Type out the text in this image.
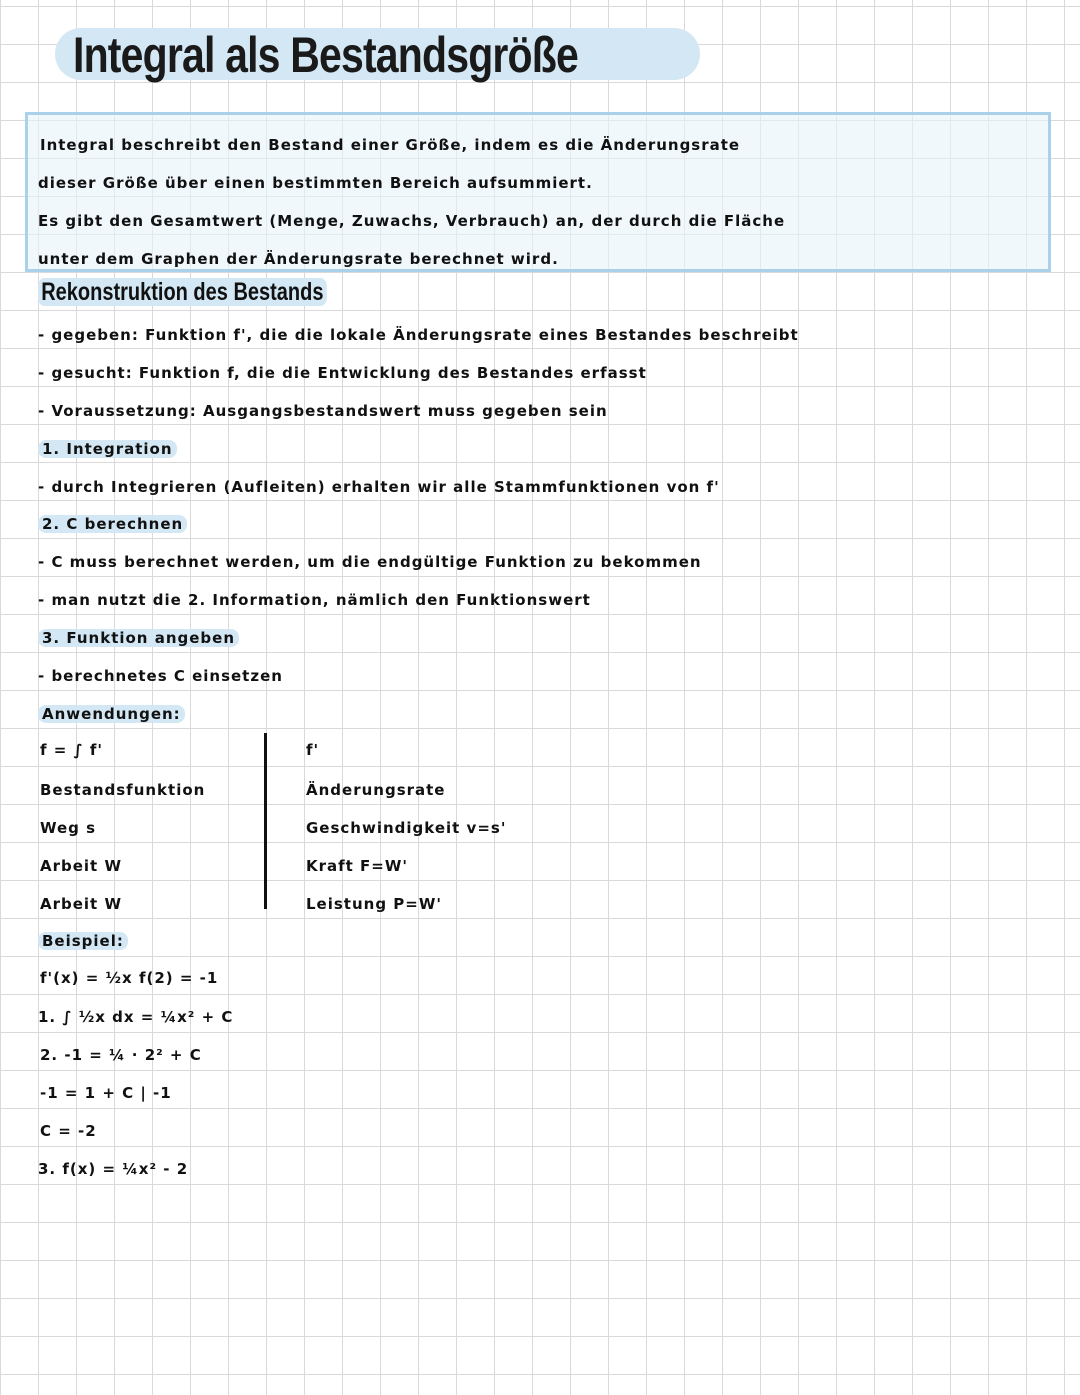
Integral als Bestandsgröße
Integral beschreibt den Bestand einer Größe, indem es die Änderungsrate
dieser Größe über einen bestimmten Bereich aufsummiert.
Es gibt den Gesamtwert (Menge, Zuwachs, Verbrauch) an, der durch die Fläche
unter dem Graphen der Änderungsrate berechnet wird.
Rekonstruktion des Bestands
- gegeben: Funktion f', die die lokale Änderungsrate eines Bestandes beschreibt
- gesucht: Funktion f, die die Entwicklung des Bestandes erfasst
- Voraussetzung: Ausgangsbestandswert muss gegeben sein
1. Integration
- durch Integrieren (Aufleiten) erhalten wir alle Stammfunktionen von f'
2. C berechnen
- C muss berechnet werden, um die endgültige Funktion zu bekommen
- man nutzt die 2. Information, nämlich den Funktionswert
3. Funktion angeben
- berechnetes C einsetzen
Anwendungen:
f = ∫ f'
Bestandsfunktion
Weg s
Arbeit W
Arbeit W
f'
Änderungsrate
Geschwindigkeit v=s'
Kraft F=W'
Leistung P=W'
Beispiel:
f'(x) = ½x f(2) = -1
1. ∫ ½x dx = ¼x² + C
2. -1 = ¼ · 2² + C
-1 = 1 + C | -1
C = -2
3. f(x) = ¼x² - 2
